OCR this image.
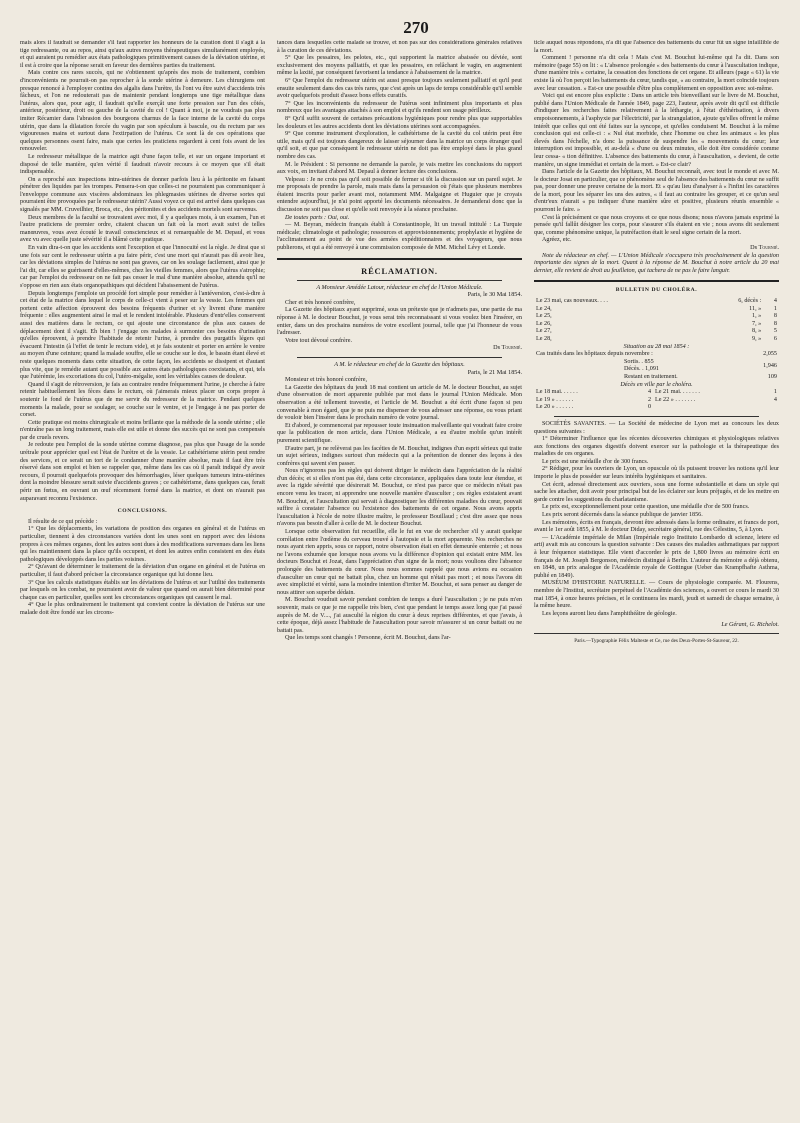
270

mais alors il faudrait se demander s'il faut rapporter les honneurs de la curation dont il s'agit à la tige redressante, ou au repos, ainsi qu'aux autres moyens thérapeutiques simultanément employés, et qui auraient pu remédier aux états pathologiques primitivement causes de la déviation utérine, et il est à croire que la réponse serait en faveur des dernières parties du traitement.

Mais contre ces rares succès, qui ne s'obtiennent qu'après des mois de traitement, combien d'inconvénients ne pourrait-on pas reprocher à la sonde utérine à demeure. Les chirurgiens ont presque renoncé à l'employer continu des algalis dans l'urètre, ils l'ont vu être suivi d'accidents très fâcheux, et l'on ne redouterait pas de maintenir pendant longtemps une tige métallique dans l'utérus, alors que, pour agir, il faudrait qu'elle exerçât une forte pression sur l'un des côtés, antérieur, postérieur, droit ou gauche de la cavité du col ! Quant à moi, je ne voudrais pas plus imiter Récamier dans l'abrasion des bourgeons charnus de la face interne de la cavité du corps utérin, que dans la dilatation forcée du vagin par son spéculum à bascule, ou du rectum par ses vigoureuses mains et surtout dans l'extirpation de l'utérus. Ce sont là de ces opérations que quelques personnes osent faire, mais que certes les praticiens regardent à cent fois avant de les renouveler.

Le redresseur métallique de la matrice agit d'une façon telle, et sur un organe important et disposé de telle manière, qu'en vérité il faudrait n'avoir recours à ce moyen que s'il était indispensable.

On a reproché aux inspections intra-utérines de donner parfois lieu à la péritonite en faisant pénétrer des liquides par les trompes. Pensera-t-on que celles-ci ne pourraient pas communiquer à l'enveloppe commune aux viscères abdominaux les phlegmasies utérines de diverse sortes qui pourraient être provoquées par le redresseur utérin? Aussi voyez ce qui est arrivé dans quelques cas signalés par MM. Cruveilhier, Broca, etc., des péritonites et des accidents mortels sont survenus.

Deux membres de la faculté se trouvaient avec moi, il y a quelques mois, à un examen, l'un et l'autre praticiens de premier ordre, citaient chacun un fait où la mort avait suivi de telles manœuvres, vous avez écouté le travail consciencieux et si remarquable de M. Depaul, et vous avez vu avec quelle juste sévérité il a blâmé cette pratique.

En vain dira-t-on que les accidents sont l'exception et que l'innocuité est la règle. Je dirai que si une fois sur cent le redresseur utérin a pu faire périr, c'est une mort qui n'aurait pas dû avoir lieu, car les déviations simples de l'utérus ne sont pas graves, car on les soulage facilement, ainsi que je l'ai dit, car elles se guérissent d'elles-mêmes, chez les vieilles femmes, alors que l'utérus s'atrophie; car par l'emploi du redresseur on ne fait pas cesser le mal d'une manière absolue, attendu qu'il ne s'oppose en rien aux états organopathiques qui décident l'abaissement de l'utérus.

Depuis longtemps j'emploie un procédé fort simple pour remédier à l'antéversion, c'est-à-dire à cet état de la matrice dans lequel le corps de celle-ci vient à peser sur la vessie. Les femmes qui portent cette affection éprouvent des besoins fréquents d'uriner et s'y livrent d'une manière fréquente : elles augmentent ainsi le mal et le rendent intolérable. Plusieurs d'entr'elles conservent aussi des matières dans le rectum, ce qui ajoute une circonstance de plus aux causes de déplacement dont il s'agit. Eh bien ! j'engage ces malades à surmonter ces besoins d'urination qu'elles éprouvent, à prendre l'habitude de retenir l'urine, à prendre des purgatifs légers qui évacuent l'intestin (à l'effet de tenir le rectum vide), et je fais soutenir et porter en arrière le ventre au moyen d'une ceinture; quand la malade souffre, elle se couche sur le dos, le bassin étant élevé et reste quelques moments dans cette situation, de cette façon, les accidents se dissipent et d'autant plus vite, que je remédie autant que possible aux autres états pathologiques coexistants, et qui, tels que l'utérémie, les excoriations du col, l'utéro-mégalie, sont les véritables causes de douleur.

Quand il s'agit de rétroversion, je fais au contraire rendre fréquemment l'urine, je cherche à faire retenir habituellement les fèces dans le rectum, où j'aimerais mieux placer un corps propre à soutenir le fond de l'utérus que de me servir du redresseur de la matrice. Pendant quelques moments la malade, pour se soulager, se couche sur le ventre, et je l'engage à ne pas porter de corset.

Cette pratique est moins chirurgicale et moins brillante que la méthode de la sonde utérine ; elle n'entraîne pas un long traitement, mais elle est utile et donne des succès qui ne sont pas compensés par de cruels revers.

Je redoute peu l'emploi de la sonde utérine comme diagnose, pas plus que l'usage de la sonde urétrale pour apprécier quel est l'état de l'urètre et de la vessie. Le cathétérisme utérin peut rendre des services, et ce serait un tort de le condamner d'une manière absolue, mais il faut être très réservé dans son emploi et bien se rappeler que, même dans les cas où il paraît indiqué d'y avoir recours, il pourrait quelquefois provoquer des hémorrhagies, léser quelques tumeurs intra-utérines dont la moindre blessure serait suivie d'accidents graves ; ce cathétérisme, dans quelques cas, ferait périr un fœtus, en ouvrant un œuf récemment formé dans la matrice, et dont on n'aurait pas auparavant reconnu l'existence.

CONCLUSIONS.

Il résulte de ce qui précède :

1° Que les déplacements, les variations de position des organes en général et de l'utérus en particulier, tiennent à des circonstances variées dont les unes sont en rapport avec des lésions propres à ces mêmes organes, dont les autres sont dues à des modifications survenues dans les liens qui les maintiennent dans la place qu'ils occupent, et dont les autres enfin consistent en des états pathologiques développés dans les parties voisines.

2° Qu'avant de déterminer le traitement de la déviation d'un organe en général et de l'utérus en particulier, il faut d'abord préciser la circonstance organique qui lui donne lieu.

3° Que les calculs statistiques établis sur les déviations de l'utérus et sur l'utilité des traitements par lesquels on les combat, ne pourraient avoir de valeur que quand on aurait bien déterminé pour chaque cas en particulier, quelles sont les circonstances organiques qui causent le mal.

4° Que le plus ordinairement le traitement qui convient contre la déviation de l'utérus sur une malade doit être fondé sur les circons-

tances dans lesquelles cette malade se trouve, et non pas sur des considérations générales relatives à la curation de ces déviations.

5° Que les pessaires, les pelotes, etc., qui supportent la matrice abaissée ou déviée, sont exclusivement des moyens palliatifs, et que les pessaires, en relâchant le vagin, en augmentent même la laxité, par conséquent favorisent la tendance à l'abaissement de la matrice.

6° Que l'emploi du redresseur utérin est aussi presque toujours seulement palliatif et qu'il peut ensuite seulement dans des cas très rares, que c'est après un laps de temps considérable qu'il semble avoir quelquefois produit d'assez bons effets curatifs.

7° Que les inconvénients du redresseur de l'utérus sont infiniment plus importants et plus nombreux que les avantages attachés à son emploi et qu'ils rendent son usage périlleux.

8° Qu'il suffit souvent de certaines précautions hygiéniques pour rendre plus que supportables les douleurs et les autres accidents dont les déviations utérines sont accompagnées.

9° Que comme instrument d'exploration, le cathétérisme de la cavité du col utérin peut être utile, mais qu'il est toujours dangereux de laisser séjourner dans la matrice un corps étranger quel qu'il soit, et que par conséquent le redresseur utérin ne doit pas être employé dans le plus grand nombre des cas.

M. le Président : Si personne ne demande la parole, je vais mettre les conclusions du rapport aux voix, en invitant d'abord M. Depaul à donner lecture des conclusions.

Velpeau : Je ne crois pas qu'il soit possible de fermer si tôt la discussion sur un pareil sujet. Je me proposais de prendre la parole, mais mais dans la persuasion où j'étais que plusieurs membres étaient inscrits pour parler avant moi, notamment MM. Malgaigne et Huguier que je croyais entendre aujourd'hui, je n'ai point apporté les documents nécessaires. Je demanderai donc que la discussion ne soit pas close et qu'elle soit renvoyée à la séance prochaine.

De toutes parts : Oui, oui.

— M. Beyran, médecin français établi à Constantinople, lit un travail intitulé : La Turquie médicale; climatologie et pathologie; ressources et approvisionnements; prophylaxie et hygiène de l'acclimatement au point de vue des armées expéditionnaires et des voyageurs, que nous publierons, et qui a été renvoyé à une commission composée de MM. Michel Lévy et Londe.

RÉCLAMATION.

A Monsieur Amédée Latour, rédacteur en chef de l'Union Médicale.

Paris, le 30 Mai 1854.

Cher et très honoré confrère,

La Gazette des hôpitaux ayant supprimé, sous un prétexte que je n'admets pas, une partie de ma réponse à M. le docteur Bouchut, je vous serai très reconnaissant si vous voulez bien l'insérer, en entier, dans un des prochains numéros de votre excellent journal, telle que j'ai l'honneur de vous l'adresser.

Votre tout dévoué confrère.

Dr Tournié.

A M. le rédacteur en chef de la Gazette des hôpitaux.

Paris, le 21 Mai 1854.

Monsieur et très honoré confrère,

La Gazette des hôpitaux du jeudi 18 mai contient un article de M. le docteur Bouchut, au sujet d'une observation de mort apparente publiée par moi dans le journal l'Union Médicale. Mon observation a été tellement travestie, et l'article de M. Bouchut a été écrit d'une façon si peu convenable à mon égard, que je ne puis me dispenser de vous adresser une réponse, ou vous priant de vouloir bien l'insérer dans le prochain numéro de votre journal.

Et d'abord, je commencerai par repousser toute insinuation malveillante qui voudrait faire croire que la publication de mon article, dans l'Union Médicale, a eu d'autre mobile qu'un intérêt purement scientifique.

D'autre part, je ne relèverai pas les facéties de M. Bouchut, indignes d'un esprit sérieux qui traite un sujet sérieux, indignes surtout d'un médecin qui a la prétention de donner des leçons à des confrères qui savent s'en passer.

Nous n'ignorons pas les règles qui doivent diriger le médecin dans l'appréciation de la réalité d'un décès; et si elles n'ont pas été, dans cette circonstance, appliquées dans toute leur étendue, et avec la rigide sévérité que désirerait M. Bouchut, ce n'est pas parce que ce médecin n'était pas encore venu les tracer, ni apprendre une nouvelle manière d'ausculter ; ces règles existaient avant M. Bouchut, et l'auscultation qui servait à diagnostiquer les différentes maladies du cœur, pouvait suffire à constater l'absence ou l'existence des battements de cet organe. Nous avons appris l'auscultation à l'école de notre illustre maître, le professeur Bouillaud ; c'est dire assez que nous n'avons pas besoin d'aller à celle de M. le docteur Bouchut.

Lorsque cette observation fut recueillie, elle le fut en vue de rechercher s'il y aurait quelque corrélation entre l'œdème du cerveau trouvé à l'autopsie et la mort apparente. Nos recherches ne nous ayant rien appris, sous ce rapport, notre observation était en effet demeurée enterrée ; et nous ne l'avons exhumée que lorsque nous avons vu la différence d'opinion qui existait entre MM. les docteurs Bouchut et Jozat, dans l'appréciation d'un signe de la mort; nous voulions dire l'absence prolongée des battements du cœur. Nous nous sommes rappelé que nous avions eu occasion d'ausculter un cœur qui ne battait plus, chez un homme qui n'était pas mort ; et nous l'avons dit avec simplicité et vérité, sans la moindre intention d'irriter M. Bouchut, et sans penser au danger de nous attirer son superbe dédain.

M. Bouchut voudrait savoir pendant combien de temps a duré l'auscultation ; je ne puis m'en souvenir, mais ce que je me rappelle très bien, c'est que pendant le temps assez long que j'ai passé auprès de M. de V...., j'ai ausculté la région du cœur à deux reprises différentes, et que j'avais, à cette époque, déjà assez l'habitude de l'auscultation pour savoir m'assurer si un cœur battait ou ne battait pas.

Que les temps sont changés ! Personne, écrit M. Bouchut, dans l'ar-

ticle auquel nous répondons, n'a dit que l'absence des battements du cœur fût un signe infaillible de la mort.

Comment ! personne n'a dit cela ! Mais c'est M. Bouchut lui-même qui l'a dit. Dans son mémoire (page 55) on lit : « L'absence prolongée « des battements du cœur à l'auscultation indique, d'une manière très « certaine, la cessation des fonctions de cet organe. Et ailleurs (page « 61) la vie existe là où l'on perçoit les battements du cœur, tandis que, « au contraire, la mort coïncide toujours avec leur cessation. » Est-ce une possible d'être plus complètement en opposition avec soi-même.

Voici qui est encore plus explicite : Dans un article très bienveillant sur le livre de M. Bouchut, publié dans l'Union Médicale de l'année 1849, page 223, l'auteur, après avoir dit qu'il est difficile d'indiquer les recherches faites relativement à la léthargie, à l'état d'éthérisation, à divers empoisonnements, à l'asphyxie par l'électricité, par la strangulation, ajoute qu'elles offrent le même intérêt que celles qui ont été faites sur la syncope, et qu'elles conduisent M. Bouchut à la même conclusion qui est celle-ci : « Nul état morbide, chez l'homme ou chez les animaux « les plus élevés dans l'échelle, n'a donc la puissance de suspendre les « mouvements du cœur; leur interruption est impossible, et au-delà « d'une ou deux minutes, elle doit être considérée comme leur cessa- « tion définitive. L'absence des battements du cœur, à l'auscultation, « devient, de cette manière, un signe immédiat et certain de la mort. » Est-ce clair?

Dans l'article de la Gazette des hôpitaux, M. Bouchut reconnaît, avec tout le monde et avec M. le docteur Josat en particulier, que ce phénomène seul de l'absence des battements du cœur ne suffit pas, pour donner une preuve certaine de la mort. Et « qu'au lieu d'analyser à « l'infini les caractères de la mort, pour les séparer les uns des autres, « il faut au contraire les grouper, et ce qu'un seul d'entr'eux n'aurait « pu indiquer d'une manière sûre et positive, plusieurs réunis ensemble « pourront le faire. »

C'est là précisément ce que nous croyons et ce que nous disons; nous n'avons jamais exprimé la pensée qu'il fallût désigner les corps, pour s'assurer s'ils étaient en vie ; nous avons dit seulement que, comme phénomène unique, la putréfaction était le seul signe certain de la mort.

Agréez, etc.

Dr Tournié.

Note du rédacteur en chef. — L'Union Médicale s'occupera très prochainement de la question importante des signes de la mort. Quant à la réponse de M. Bouchut à notre article du 20 mai dernier, elle revient de droit au feuilleton, qui tachera de ne pas le faire languir.

BULLETIN DU CHOLÉRA.
Le 23 mai, cas nouveaux. . . .	6, décès :	4
Le 24,	11, »	1
Le 25,	1, »	8
Le 26,	7, »	8
Le 27,	8, »	5
Le 28,	9, »	6

Situation au 28 mai 1854 :

Cas traités dans les hôpitaux depuis novembre :	2,055

Sortis. . 855
Décès. . 1,091	1,946
Restant en traitement.	109

Décès en ville par le choléra.

Le 18 mai. . . . . .	4	Le 21 mai. . . . . . .	1
Le 19 » . . . . . .	2	Le 22 » . . . . . . .	4
Le 20 » . . . . . .	0		

SOCIÉTÉS SAVANTES. — La Société de médecine de Lyon met au concours les deux questions suivantes :

1° Déterminer l'influence que les récentes découvertes chimiques et physiologiques relatives aux fonctions des organes digestifs doivent exercer sur la pathologie et la thérapeutique des maladies de ces organes.

Le prix est une médaille d'or de 300 francs.

2° Rédiger, pour les ouvriers de Lyon, un opuscule où ils puissent trouver les notions qu'il leur importe le plus de posséder sur leurs intérêts hygiéniques et sanitaires.

Cet écrit, adressé directement aux ouvriers, sous une forme substantielle et dans un style qui sache les attacher, doit avoir pour principal but de les éclairer sur leurs préjugés, et de les mettre en garde contre les suggestions du charlatanisme.

Le prix est, exceptionnellement pour cette question, une médaille d'or de 500 francs.

Les prix seront décernés dans la séance publique de janvier 1856.

Les mémoires, écrits en français, devront être adressés dans la forme ordinaire, et francs de port, avant le 1er août 1855, à M. le docteur Diday, secrétaire général, rue des Célestins, 5, à Lyon.

— L'Académie impériale de Milan (Impériale regio Instituto Lombardo di scienze, letere ed arti) avait mis au concours la question suivante : Des causes des maladies asthmatiques par rapport à leur fréquence statistique. Elle vient d'accorder le prix de 1,800 livres au mémoire écrit en français de M. Joseph Bergonson, médecin distingué à Berlin. L'auteur du mémoire a déjà obtenu, en 1848, un prix analogue de l'Académie royale de Gottingue (Ueber das Krampfhafte Asthma, publié en 1849).

MUSÉUM D'HISTOIRE NATURELLE. — Cours de physiologie comparée. M. Flourens, membre de l'Institut, secrétaire perpétuel de l'Académie des sciences, a ouvert ce cours le mardi 30 mai 1854, à onze heures précises, et le continuera les mardi, jeudi et samedi de chaque semaine, à la même heure.

Les leçons auront lieu dans l'amphithéâtre de géologie.

Le Gérant, G. Richelot.
Paris.—Typographie Félix Malteste et Ce, rue des Deux-Portes-St-Sauveur, 22.
